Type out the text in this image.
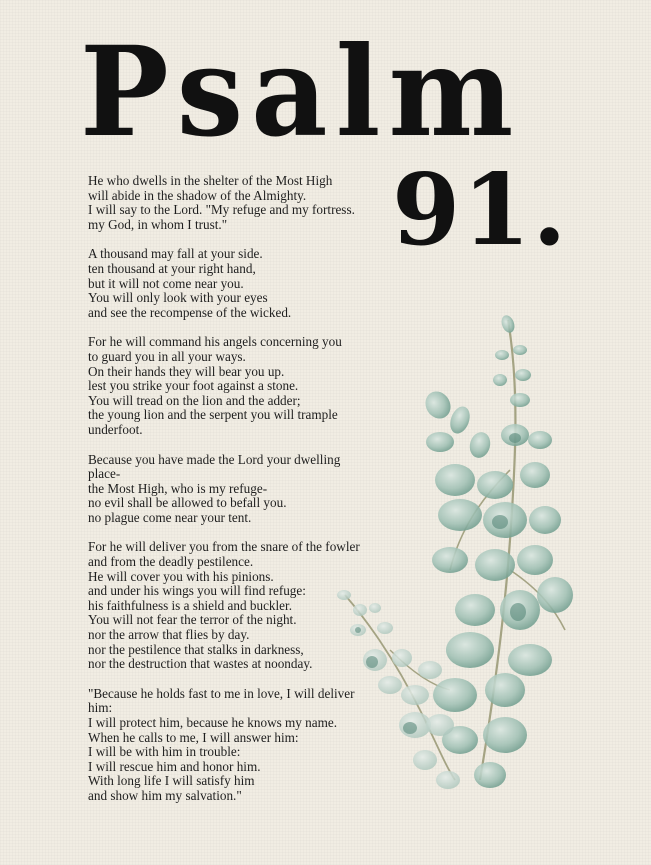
Psalm
91.
He who dwells in the shelter of the Most High
will abide in the shadow of the Almighty.
I will say to the Lord. "My refuge and my fortress.
my God, in whom I trust."
A thousand may fall at your side.
ten thousand at your right hand,
but it will not come near you.
You will only look with your eyes
and see the recompense of the wicked.
For he will command his angels concerning you
to guard you in all your ways.
On their hands they will bear you up.
lest you strike your foot against a stone.
You will tread on the lion and the adder;
the young lion and the serpent you will trample
underfoot.
Because you have made the Lord your dwelling
place-
the Most High, who is my refuge-
no evil shall be allowed to befall you.
no plague come near your tent.
For he will deliver you from the snare of the fowler
and from the deadly pestilence.
He will cover you with his pinions.
and under his wings you will find refuge:
his faithfulness is a shield and buckler.
You will not fear the terror of the night.
nor the arrow that flies by day.
nor the pestilence that stalks in darkness,
nor the destruction that wastes at noonday.
"Because he holds fast to me in love, I will deliver
him:
I will protect him, because he knows my name.
When he calls to me, I will answer him:
I will be with him in trouble:
I will rescue him and honor him.
With long life I will satisfy him
and show him my salvation."
